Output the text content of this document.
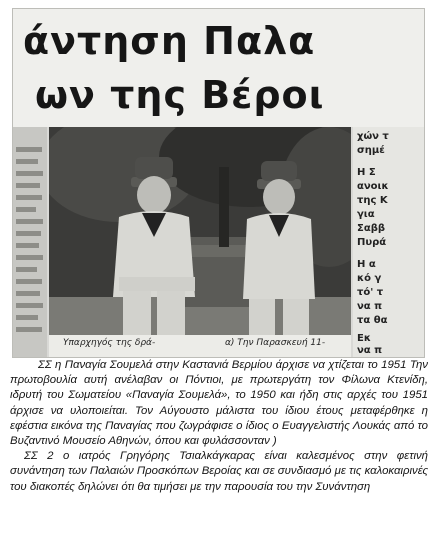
άντηση Παλα
ων της Βέροι
χών τ
σημέ
Η Σ
ανοικ
της Κ
για
Σαββ
Πυρά
Η α
κό γ
τό' τ
να π
τα θα
Εκ
να π
Υπαρχηγός της δρά-	α) Την Παρασκευή 11-

ΣΣ η Παναγία Σουμελά στην Καστανιά Βερμίου άρχισε να χτίζεται το 1951 Την πρωτοβουλία αυτή ανέλαβαν οι Πόντιοι, με πρωτεργάτη τον Φίλωνα Κτενίδη, ιδρυτή του Σωματείου «Παναγία Σουμελά», το 1950 και ήδη στις αρχές του 1951 άρχισε να υλοποιείται. Τον Αύγουστο μάλιστα του ίδιου έτους μεταφέρθηκε η εφέστια εικόνα της Παναγίας που ζωγράφισε ο ίδιος ο Ευαγγελιστής Λουκάς από το Βυζαντινό Μουσείο Αθηνών, όπου και φυλάσσονταν )

ΣΣ 2 ο ιατρός Γρηγόρης Τσιαλκάγκαρας είναι καλεσμένος στην φετινή συνάντηση των Παλαιών Προσκόπων Βεροίας και σε συνδιασμό με τις καλοκαιρινές του διακοπές δηλώνει ότι θα τιμήσει με την παρουσία του την Συνάντηση
